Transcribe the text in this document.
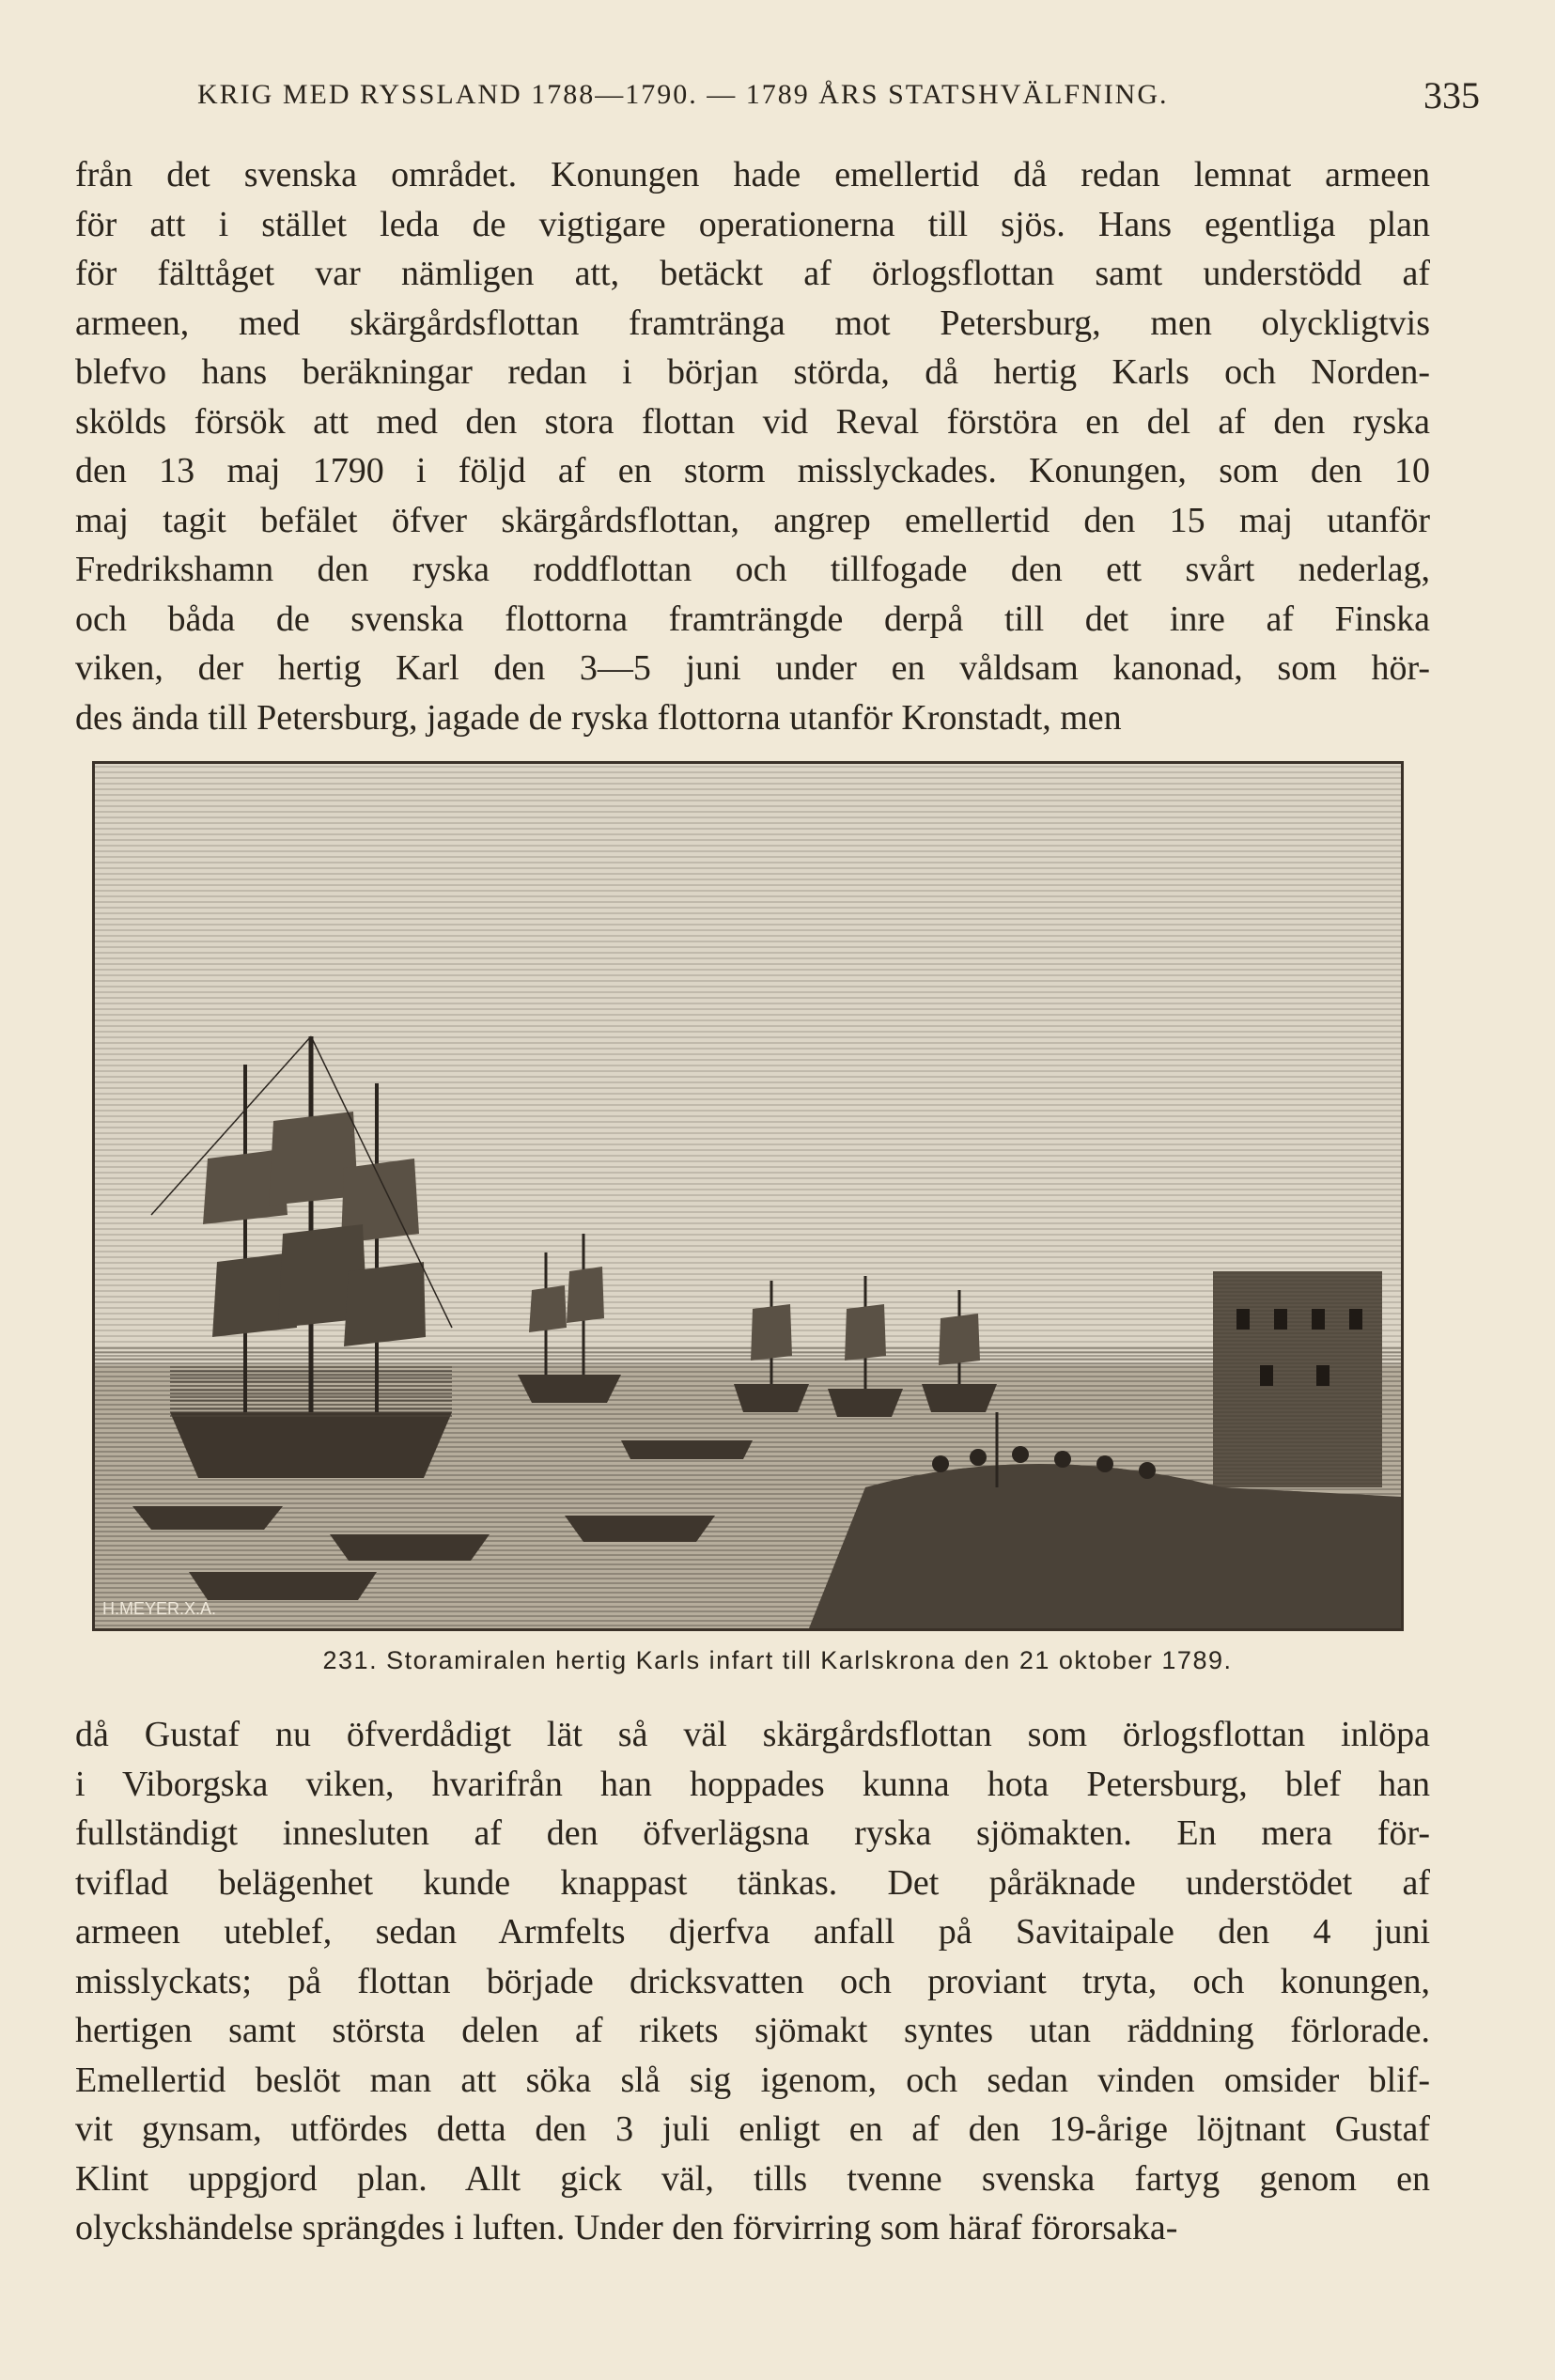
KRIG MED RYSSLAND 1788—1790. — 1789 ÅRS STATSHVÄLFNING.	335
från det svenska området. Konungen hade emellertid då redan lemnat armeen
för att i stället leda de vigtigare operationerna till sjös. Hans egentliga plan
för fälttåget var nämligen att, betäckt af örlogsflottan samt understödd af
armeen, med skärgårdsflottan framtränga mot Petersburg, men olyckligtvis
blefvo hans beräkningar redan i början störda, då hertig Karls och Norden-
skölds försök att med den stora flottan vid Reval förstöra en del af den ryska
den 13 maj 1790 i följd af en storm misslyckades. Konungen, som den 10
maj tagit befälet öfver skärgårdsflottan, angrep emellertid den 15 maj utanför
Fredrikshamn den ryska roddflottan och tillfogade den ett svårt nederlag,
och båda de svenska flottorna framträngde derpå till det inre af Finska
viken, der hertig Karl den 3—5 juni under en våldsam kanonad, som hör-
des ända till Petersburg, jagade de ryska flottorna utanför Kronstadt, men
H.MEYER.X.A.
231. Storamiralen hertig Karls infart till Karlskrona den 21 oktober 1789.
då Gustaf nu öfverdådigt lät så väl skärgårdsflottan som örlogsflottan inlöpa
i Viborgska viken, hvarifrån han hoppades kunna hota Petersburg, blef han
fullständigt innesluten af den öfverlägsna ryska sjömakten. En mera för-
tviflad belägenhet kunde knappast tänkas. Det påräknade understödet af
armeen uteblef, sedan Armfelts djerfva anfall på Savitaipale den 4 juni
misslyckats; på flottan började dricksvatten och proviant tryta, och konungen,
hertigen samt största delen af rikets sjömakt syntes utan räddning förlorade.
Emellertid beslöt man att söka slå sig igenom, och sedan vinden omsider blif-
vit gynsam, utfördes detta den 3 juli enligt en af den 19-årige löjtnant Gustaf
Klint uppgjord plan. Allt gick väl, tills tvenne svenska fartyg genom en
olyckshändelse sprängdes i luften. Under den förvirring som häraf förorsaka-
